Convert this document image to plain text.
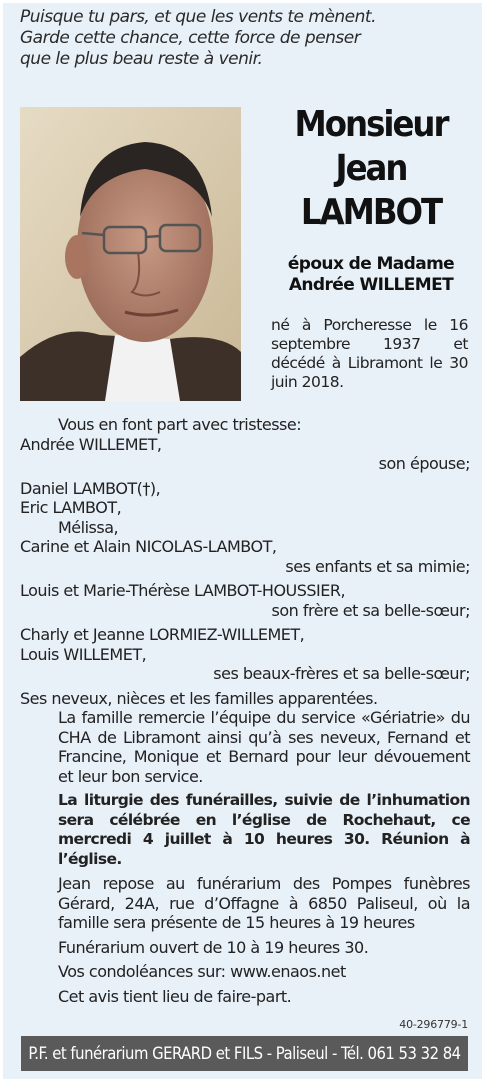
Puisque tu pars, et que les vents te mènent.
Garde cette chance, cette force de penser
que le plus beau reste à venir.
Monsieur
Jean
LAMBOT
époux de Madame
Andrée WILLEMET
né à Porcheresse le 16 septembre 1937 et décédé à Libramont le 30 juin 2018.
Vous en font part avec tristesse:
Andrée WILLEMET,
son épouse;
Daniel LAMBOT(†),
Eric LAMBOT,
Mélissa,
Carine et Alain NICOLAS-LAMBOT,
ses enfants et sa mimie;
Louis et Marie-Thérèse LAMBOT-HOUSSIER,
son frère et sa belle-sœur;
Charly et Jeanne LORMIEZ-WILLEMET,
Louis WILLEMET,
ses beaux-frères et sa belle-sœur;
Ses neveux, nièces et les familles apparentées.
La famille remercie l’équipe du service «Gériatrie» du CHA de Libramont ainsi qu’à ses neveux, Fernand et Francine, Monique et Bernard pour leur dévouement et leur bon service.
La liturgie des funérailles, suivie de l’inhumation sera célébrée en l’église de Rochehaut, ce mercredi 4 juillet à 10 heures 30. Réunion à l’église.
Jean repose au funérarium des Pompes funèbres Gérard, 24A, rue d’Offagne à 6850 Paliseul, où la famille sera présente de 15 heures à 19 heures
Funérarium ouvert de 10 à 19 heures 30.
Vos condoléances sur: www.enaos.net
Cet avis tient lieu de faire-part.
40-296779-1
P.F. et funérarium GERARD et FILS - Paliseul - Tél. 061 53 32 84
